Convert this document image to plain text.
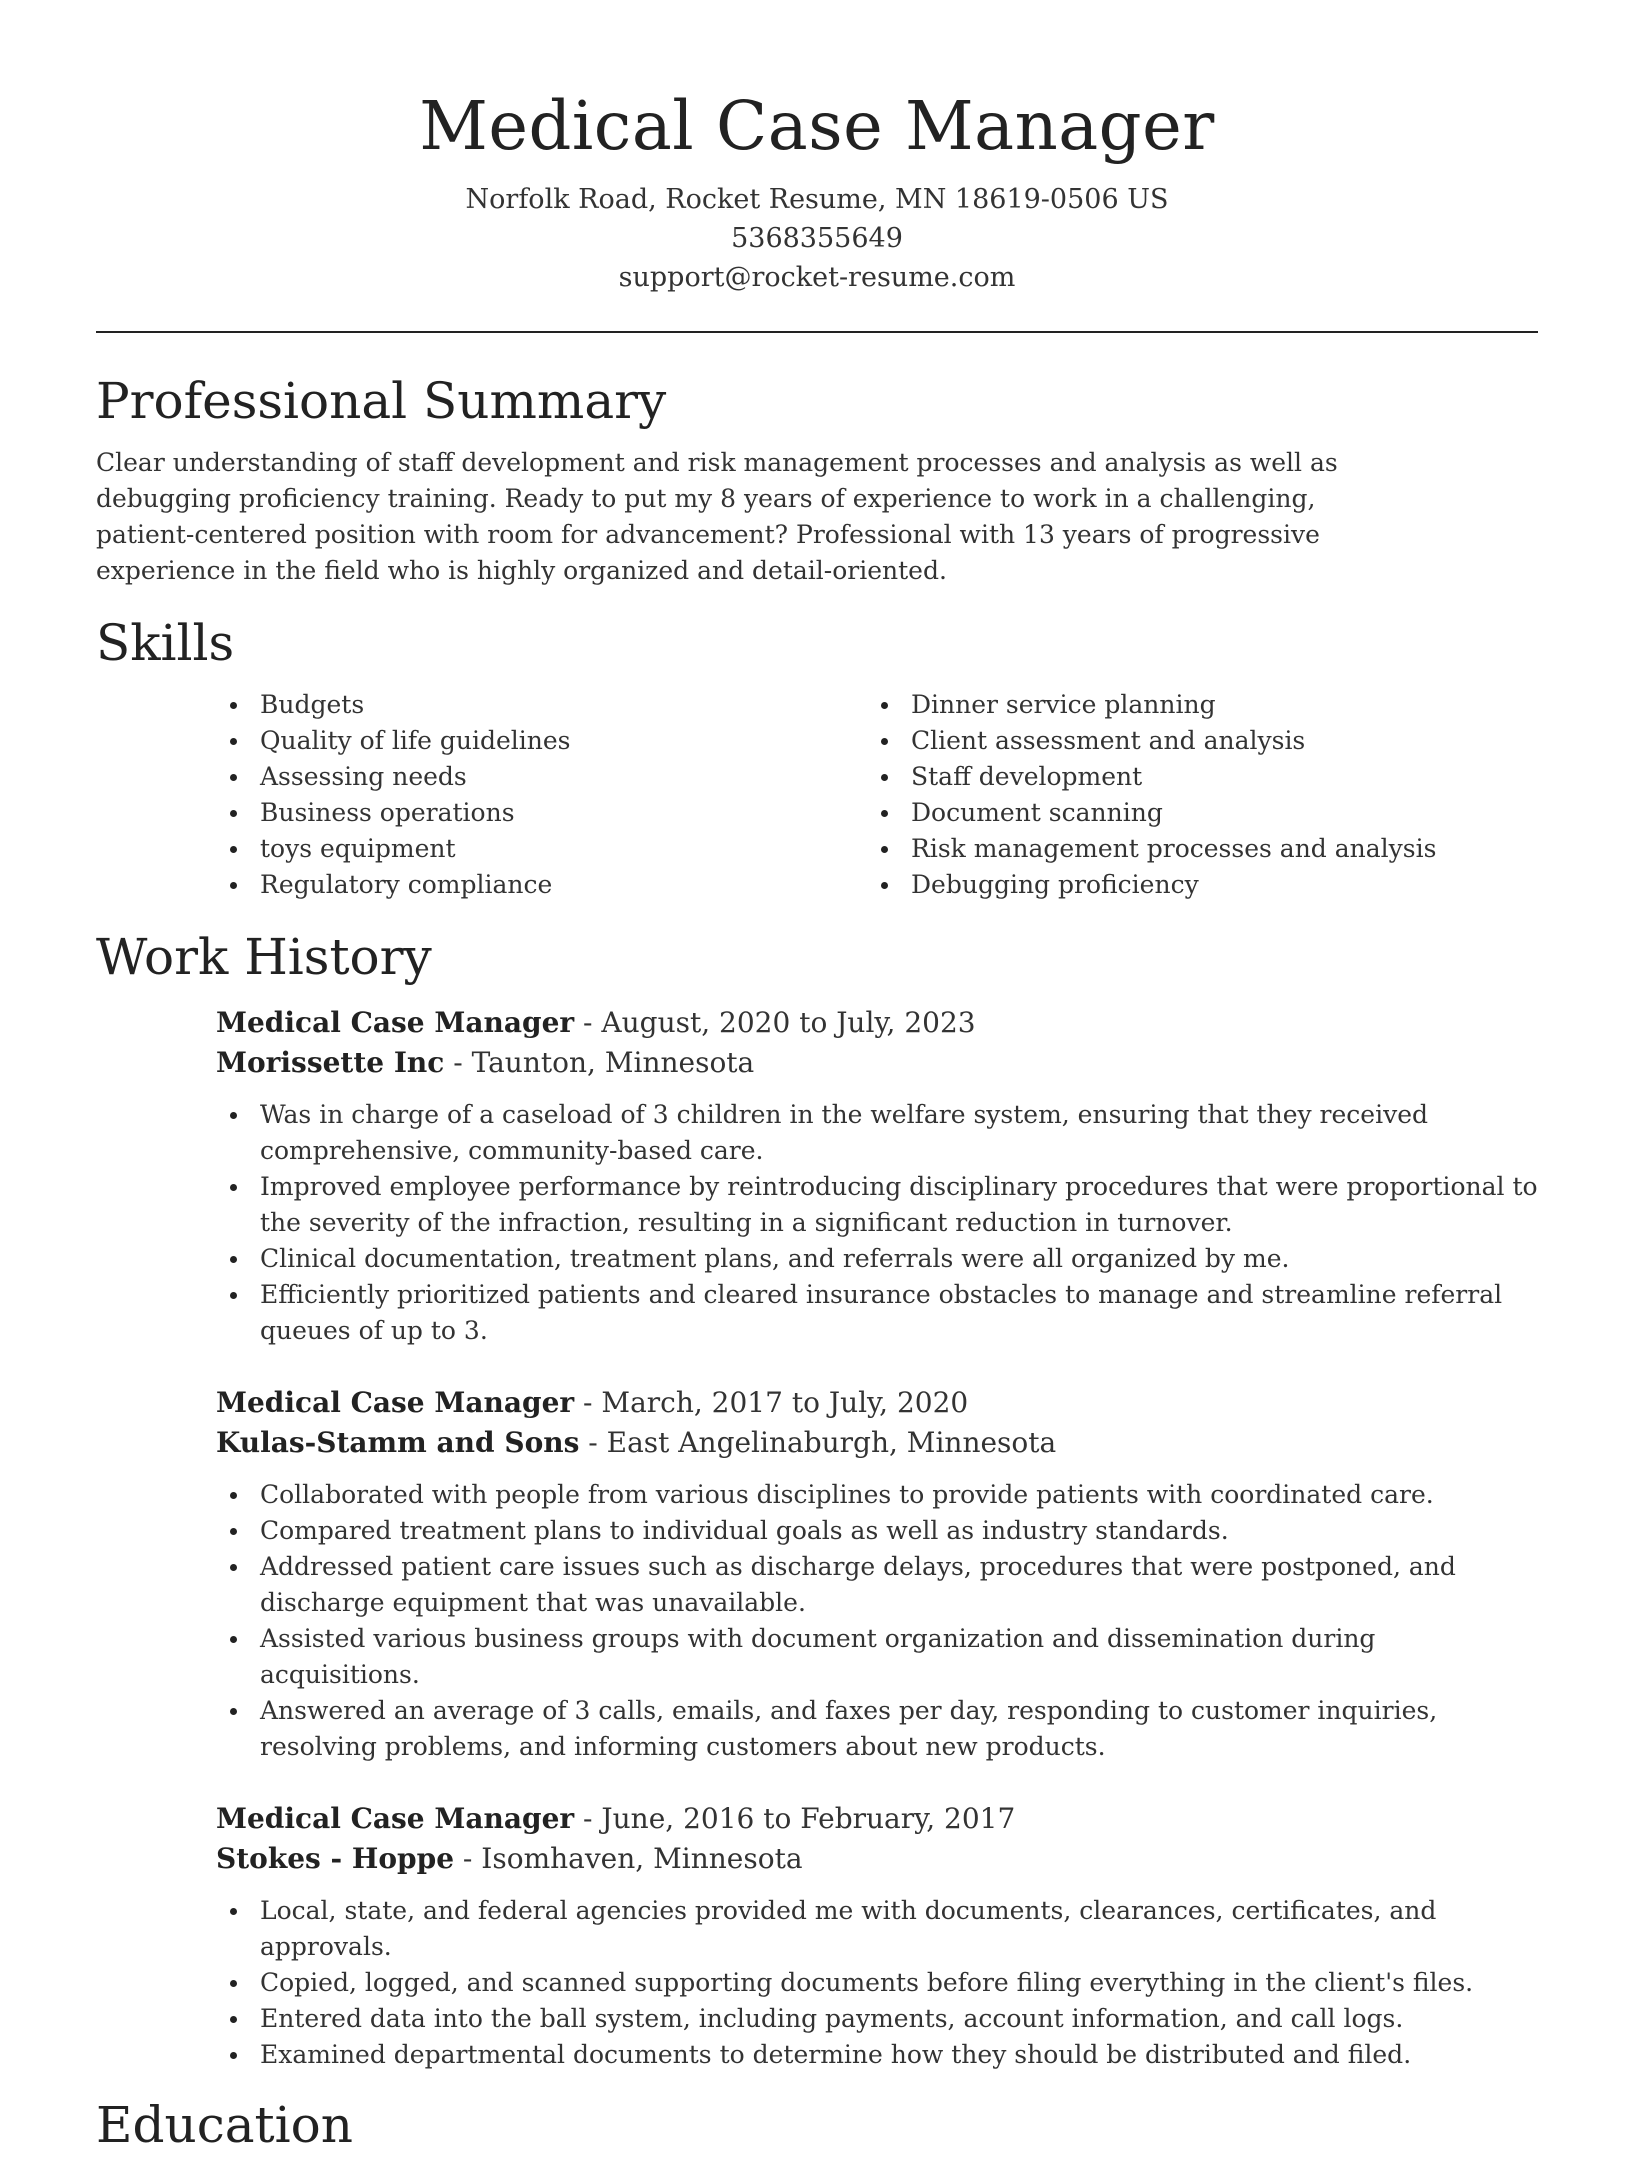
Medical Case Manager

Norfolk Road, Rocket Resume, MN 18619-0506 US

5368355649

support@rocket-resume.com

Professional Summary

Clear understanding of staff development and risk management processes and analysis as well as debugging proficiency training. Ready to put my 8 years of experience to work in a challenging, patient-centered position with room for advancement? Professional with 13 years of progressive experience in the field who is highly organized and detail-oriented.

Skills
Budgets
Quality of life guidelines
Assessing needs
Business operations
toys equipment
Regulatory compliance
Dinner service planning
Client assessment and analysis
Staff development
Document scanning
Risk management processes and analysis
Debugging proficiency
Work History
Medical Case Manager - August, 2020 to July, 2023
Morissette Inc - Taunton, Minnesota
Was in charge of a caseload of 3 children in the welfare system, ensuring that they received comprehensive, community-based care.
Improved employee performance by reintroducing disciplinary procedures that were proportional to the severity of the infraction, resulting in a significant reduction in turnover.
Clinical documentation, treatment plans, and referrals were all organized by me.
Efficiently prioritized patients and cleared insurance obstacles to manage and streamline referral queues of up to 3.
Medical Case Manager - March, 2017 to July, 2020
Kulas-Stamm and Sons - East Angelinaburgh, Minnesota
Collaborated with people from various disciplines to provide patients with coordinated care.
Compared treatment plans to individual goals as well as industry standards.
Addressed patient care issues such as discharge delays, procedures that were postponed, and discharge equipment that was unavailable.
Assisted various business groups with document organization and dissemination during acquisitions.
Answered an average of 3 calls, emails, and faxes per day, responding to customer inquiries, resolving problems, and informing customers about new products.
Medical Case Manager - June, 2016 to February, 2017
Stokes - Hoppe - Isomhaven, Minnesota
Local, state, and federal agencies provided me with documents, clearances, certificates, and approvals.
Copied, logged, and scanned supporting documents before filing everything in the client's files.
Entered data into the ball system, including payments, account information, and call logs.
Examined departmental documents to determine how they should be distributed and filed.
Education
